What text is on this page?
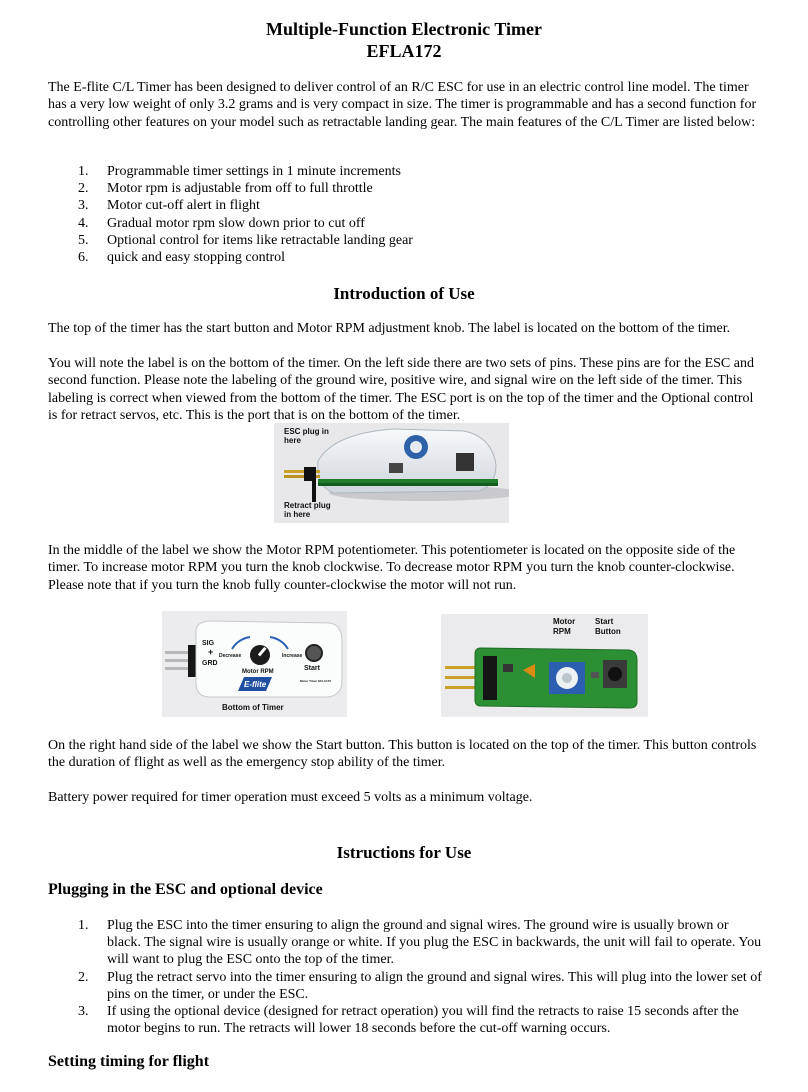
Multiple-Function Electronic Timer
EFLA172
The E-flite C/L Timer has been designed to deliver control of an R/C ESC for use in an electric control line model. The timer has a very low weight of only 3.2 grams and is very compact in size. The timer is programmable and has a second function for controlling other features on your model such as retractable landing gear. The main features of the C/L Timer are listed below:
1. Programmable timer settings in 1 minute increments
2. Motor rpm is adjustable from off to full throttle
3. Motor cut-off alert in flight
4. Gradual motor rpm slow down prior to cut off
5. Optional control for items like retractable landing gear
6. quick and easy stopping control
Introduction of Use
The top of the timer has the start button and Motor RPM adjustment knob. The label is located on the bottom of the timer.
You will note the label is on the bottom of the timer. On the left side there are two sets of pins. These pins are for the ESC and second function. Please note the labeling of the ground wire, positive wire, and signal wire on the left side of the timer. This labeling is correct when viewed from the bottom of the timer. The ESC port is on the top of the timer and the Optional control is for retract servos, etc. This is the port that is on the bottom of the timer.
ESC plug in
here
Retract plug
in here
In the middle of the label we show the Motor RPM potentiometer. This potentiometer is located on the opposite side of the timer. To increase motor RPM you turn the knob clockwise. To decrease motor RPM you turn the knob counter-clockwise. Please note that if you turn the knob fully counter-clockwise the motor will not run.
SIG
+
GRD
Decrease	Increase
Motor RPM	Start
E-flite	Motor Timer EFLA172
Bottom of Timer
Motor
RPM
Start
Button
On the right hand side of the label we show the Start button. This button is located on the top of the timer. This button controls the duration of flight as well as the emergency stop ability of the timer.
Battery power required for timer operation must exceed 5 volts as a minimum voltage.
Istructions for Use
Plugging in the ESC and optional device
1. Plug the ESC into the timer ensuring to align the ground and signal wires. The ground wire is usually brown or black. The signal wire is usually orange or white. If you plug the ESC in backwards, the unit will fail to operate. You will want to plug the ESC onto the top of the timer.
2. Plug the retract servo into the timer ensuring to align the ground and signal wires. This will plug into the lower set of pins on the timer, or under the ESC.
3. If using the optional device (designed for retract operation) you will find the retracts to raise 15 seconds after the motor begins to run. The retracts will lower 18 seconds before the cut-off warning occurs.
Setting timing for flight
